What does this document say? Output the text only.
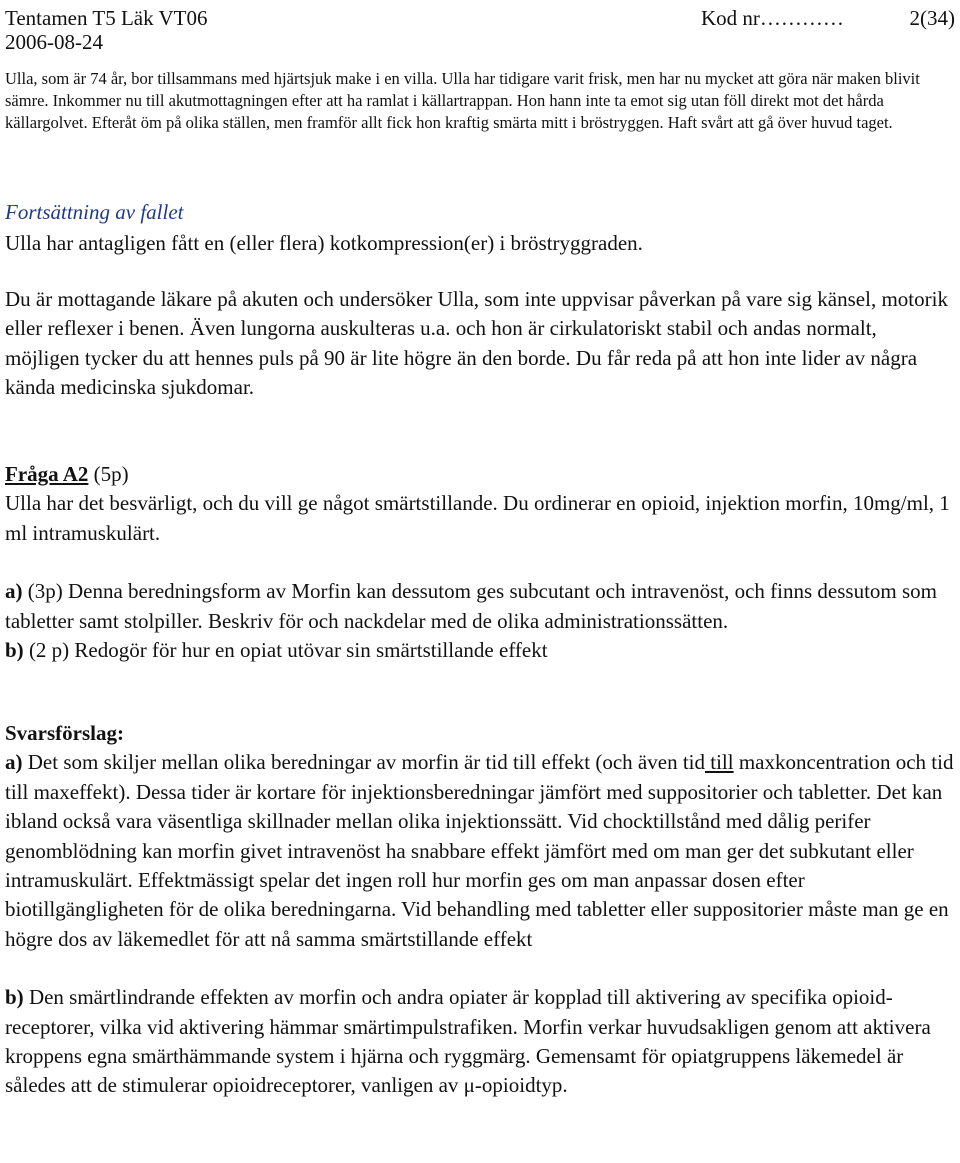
Tentamen T5 Läk VT06
2006-08-24
Kod nr…………	2(34)

Ulla, som är 74 år, bor tillsammans med hjärtsjuk make i en villa. Ulla har tidigare varit frisk, men har nu mycket att göra när maken blivit sämre. Inkommer nu till akutmottagningen efter att ha ramlat i källartrappan. Hon hann inte ta emot sig utan föll direkt mot det hårda källargolvet. Efteråt öm på olika ställen, men framför allt fick hon kraftig smärta mitt i bröstryggen. Haft svårt att gå över huvud taget.

Fortsättning av fallet

Ulla har antagligen fått en (eller flera) kotkompression(er) i bröstryggraden.

Du är mottagande läkare på akuten och undersöker Ulla, som inte uppvisar påverkan på vare sig känsel, motorik eller reflexer i benen. Även lungorna auskulteras u.a. och hon är cirkulatoriskt stabil och andas normalt, möjligen tycker du att hennes puls på 90 är lite högre än den borde. Du får reda på att hon inte lider av några kända medicinska sjukdomar.

Fråga A2 (5p)

Ulla har det besvärligt, och du vill ge något smärtstillande. Du ordinerar en opioid, injektion morfin, 10mg/ml, 1 ml intramuskulärt.

a) (3p) Denna beredningsform av Morfin kan dessutom ges subcutant och intravenöst, och finns dessutom som tabletter samt stolpiller. Beskriv för och nackdelar med de olika administrationssätten.

b) (2 p) Redogör för hur en opiat utövar sin smärtstillande effekt

Svarsförslag:

a) Det som skiljer mellan olika beredningar av morfin är tid till effekt (och även tid till maxkoncentration och tid till maxeffekt). Dessa tider är kortare för injektionsberedningar jämfört med suppositorier och tabletter. Det kan ibland också vara väsentliga skillnader mellan olika injektionssätt. Vid chocktillstånd med dålig perifer genomblödning kan morfin givet intravenöst ha snabbare effekt jämfört med om man ger det subkutant eller intramuskulärt. Effektmässigt spelar det ingen roll hur morfin ges om man anpassar dosen efter biotillgängligheten för de olika beredningarna. Vid behandling med tabletter eller suppositorier måste man ge en högre dos av läkemedlet för att nå samma smärtstillande effekt

b) Den smärtlindrande effekten av morfin och andra opiater är kopplad till aktivering av specifika opioid-receptorer, vilka vid aktivering hämmar smärtimpulstrafiken. Morfin verkar huvudsakligen genom att aktivera kroppens egna smärthämmande system i hjärna och ryggmärg. Gemensamt för opiatgruppens läkemedel är således att de stimulerar opioidreceptorer, vanligen av μ-opioidtyp.
